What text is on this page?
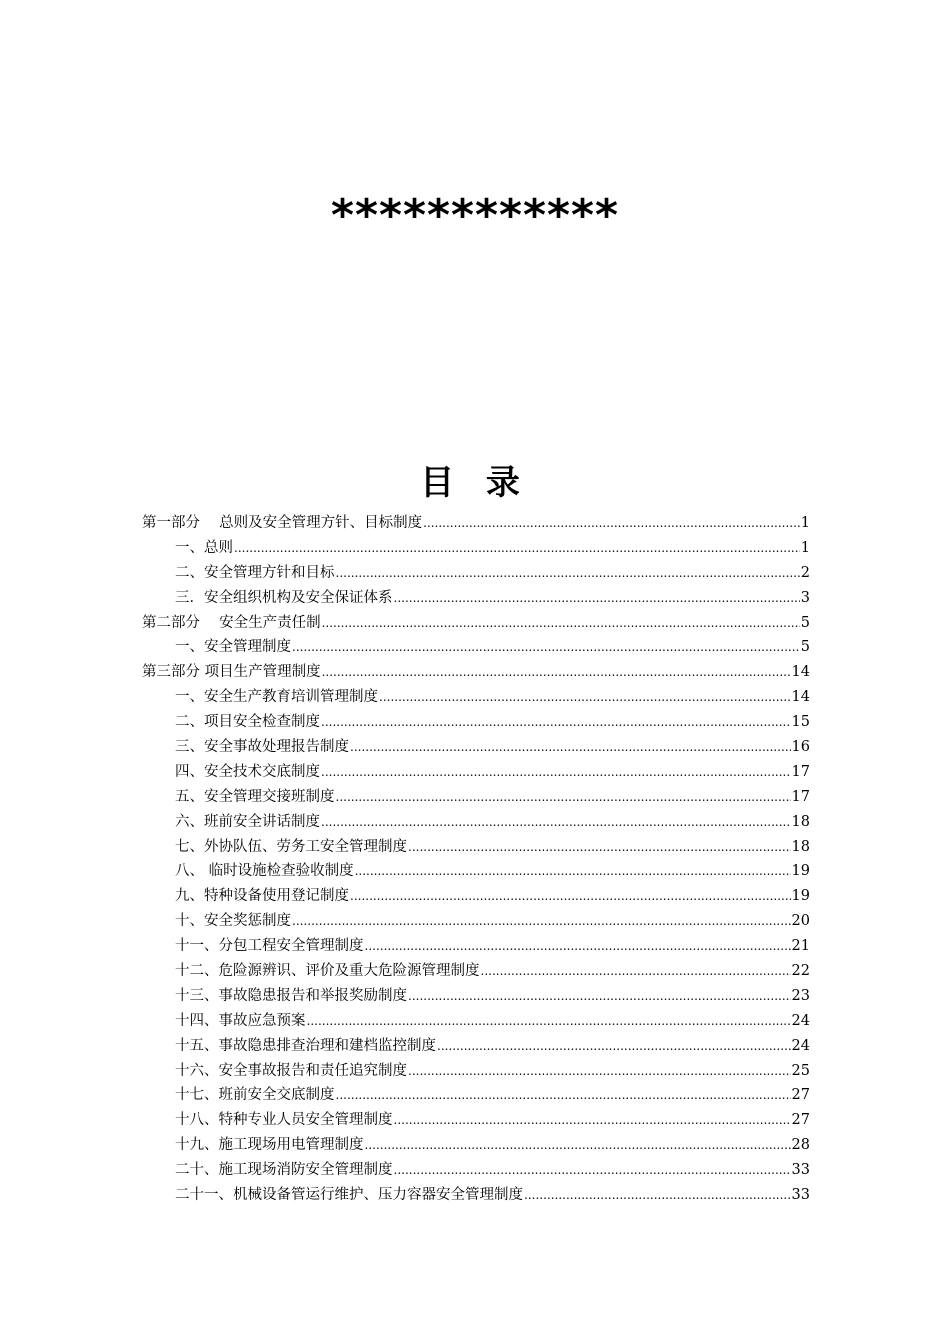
************
目 录
第一部分　 总则及安全管理方针、目标制度 .....	1
一、总则 .....	1
二、安全管理方针和目标 .....	2
三．安全组织机构及安全保证体系 .....	3
第二部分　 安全生产责任制 .....	5
一、安全管理制度 .....	5
第三部分 项目生产管理制度 .....	14
一、安全生产教育培训管理制度 .....	14
二、项目安全检查制度 .....	15
三、安全事故处理报告制度 .....	16
四、安全技术交底制度 .....	17
五、安全管理交接班制度 .....	17
六、班前安全讲话制度 .....	18
七、外协队伍、劳务工安全管理制度 .....	18
八、 临时设施检查验收制度 .....	19
九、特种设备使用登记制度 .....	19
十、安全奖惩制度 .....	20
十一、分包工程安全管理制度 .....	21
十二、危险源辨识、评价及重大危险源管理制度 .....	22
十三、事故隐患报告和举报奖励制度 .....	23
十四、事故应急预案 .....	24
十五、事故隐患排查治理和建档监控制度 .....	24
十六、安全事故报告和责任追究制度 .....	25
十七、班前安全交底制度 .....	27
十八、特种专业人员安全管理制度 .....	27
十九、施工现场用电管理制度 .....	28
二十、施工现场消防安全管理制度 .....	33
二十一、机械设备管运行维护、压力容器安全管理制度 .....	33
